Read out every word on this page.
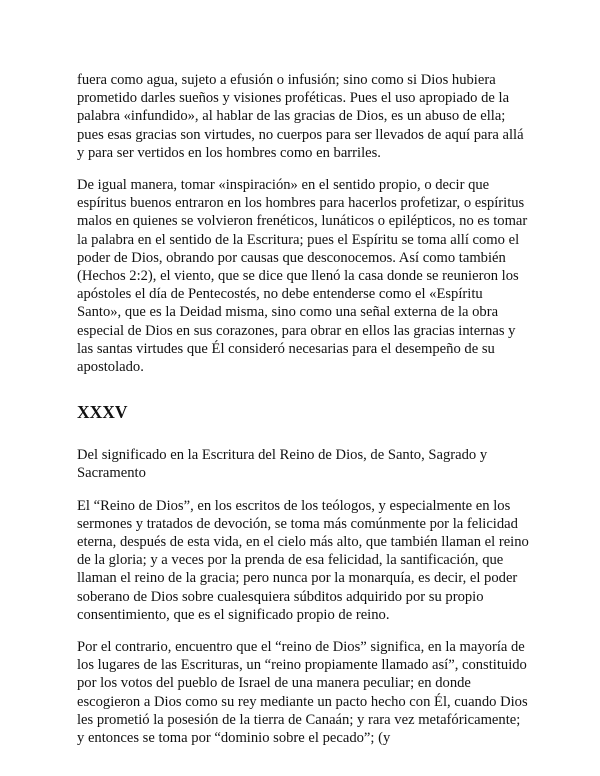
fuera como agua, sujeto a efusión o infusión; sino como si Dios hubiera prometido darles sueños y visiones proféticas. Pues el uso apropiado de la palabra «infundido», al hablar de las gracias de Dios, es un abuso de ella; pues esas gracias son virtudes, no cuerpos para ser llevados de aquí para allá y para ser vertidos en los hombres como en barriles.

De igual manera, tomar «inspiración» en el sentido propio, o decir que espíritus buenos entraron en los hombres para hacerlos profetizar, o espíritus malos en quienes se volvieron frenéticos, lunáticos o epilépticos, no es tomar la palabra en el sentido de la Escritura; pues el Espíritu se toma allí como el poder de Dios, obrando por causas que desconocemos. Así como también (Hechos 2:2), el viento, que se dice que llenó la casa donde se reunieron los apóstoles el día de Pentecostés, no debe entenderse como el «Espíritu Santo», que es la Deidad misma, sino como una señal externa de la obra especial de Dios en sus corazones, para obrar en ellos las gracias internas y las santas virtudes que Él consideró necesarias para el desempeño de su apostolado.

XXXV

Del significado en la Escritura del Reino de Dios, de Santo, Sagrado y Sacramento

El “Reino de Dios”, en los escritos de los teólogos, y especialmente en los sermones y tratados de devoción, se toma más comúnmente por la felicidad eterna, después de esta vida, en el cielo más alto, que también llaman el reino de la gloria; y a veces por la prenda de esa felicidad, la santificación, que llaman el reino de la gracia; pero nunca por la monarquía, es decir, el poder soberano de Dios sobre cualesquiera súbditos adquirido por su propio consentimiento, que es el significado propio de reino.

Por el contrario, encuentro que el “reino de Dios” significa, en la mayoría de los lugares de las Escrituras, un “reino propiamente llamado así”, constituido por los votos del pueblo de Israel de una manera peculiar; en donde escogieron a Dios como su rey mediante un pacto hecho con Él, cuando Dios les prometió la posesión de la tierra de Canaán; y rara vez metafóricamente; y entonces se toma por “dominio sobre el pecado”; (y
